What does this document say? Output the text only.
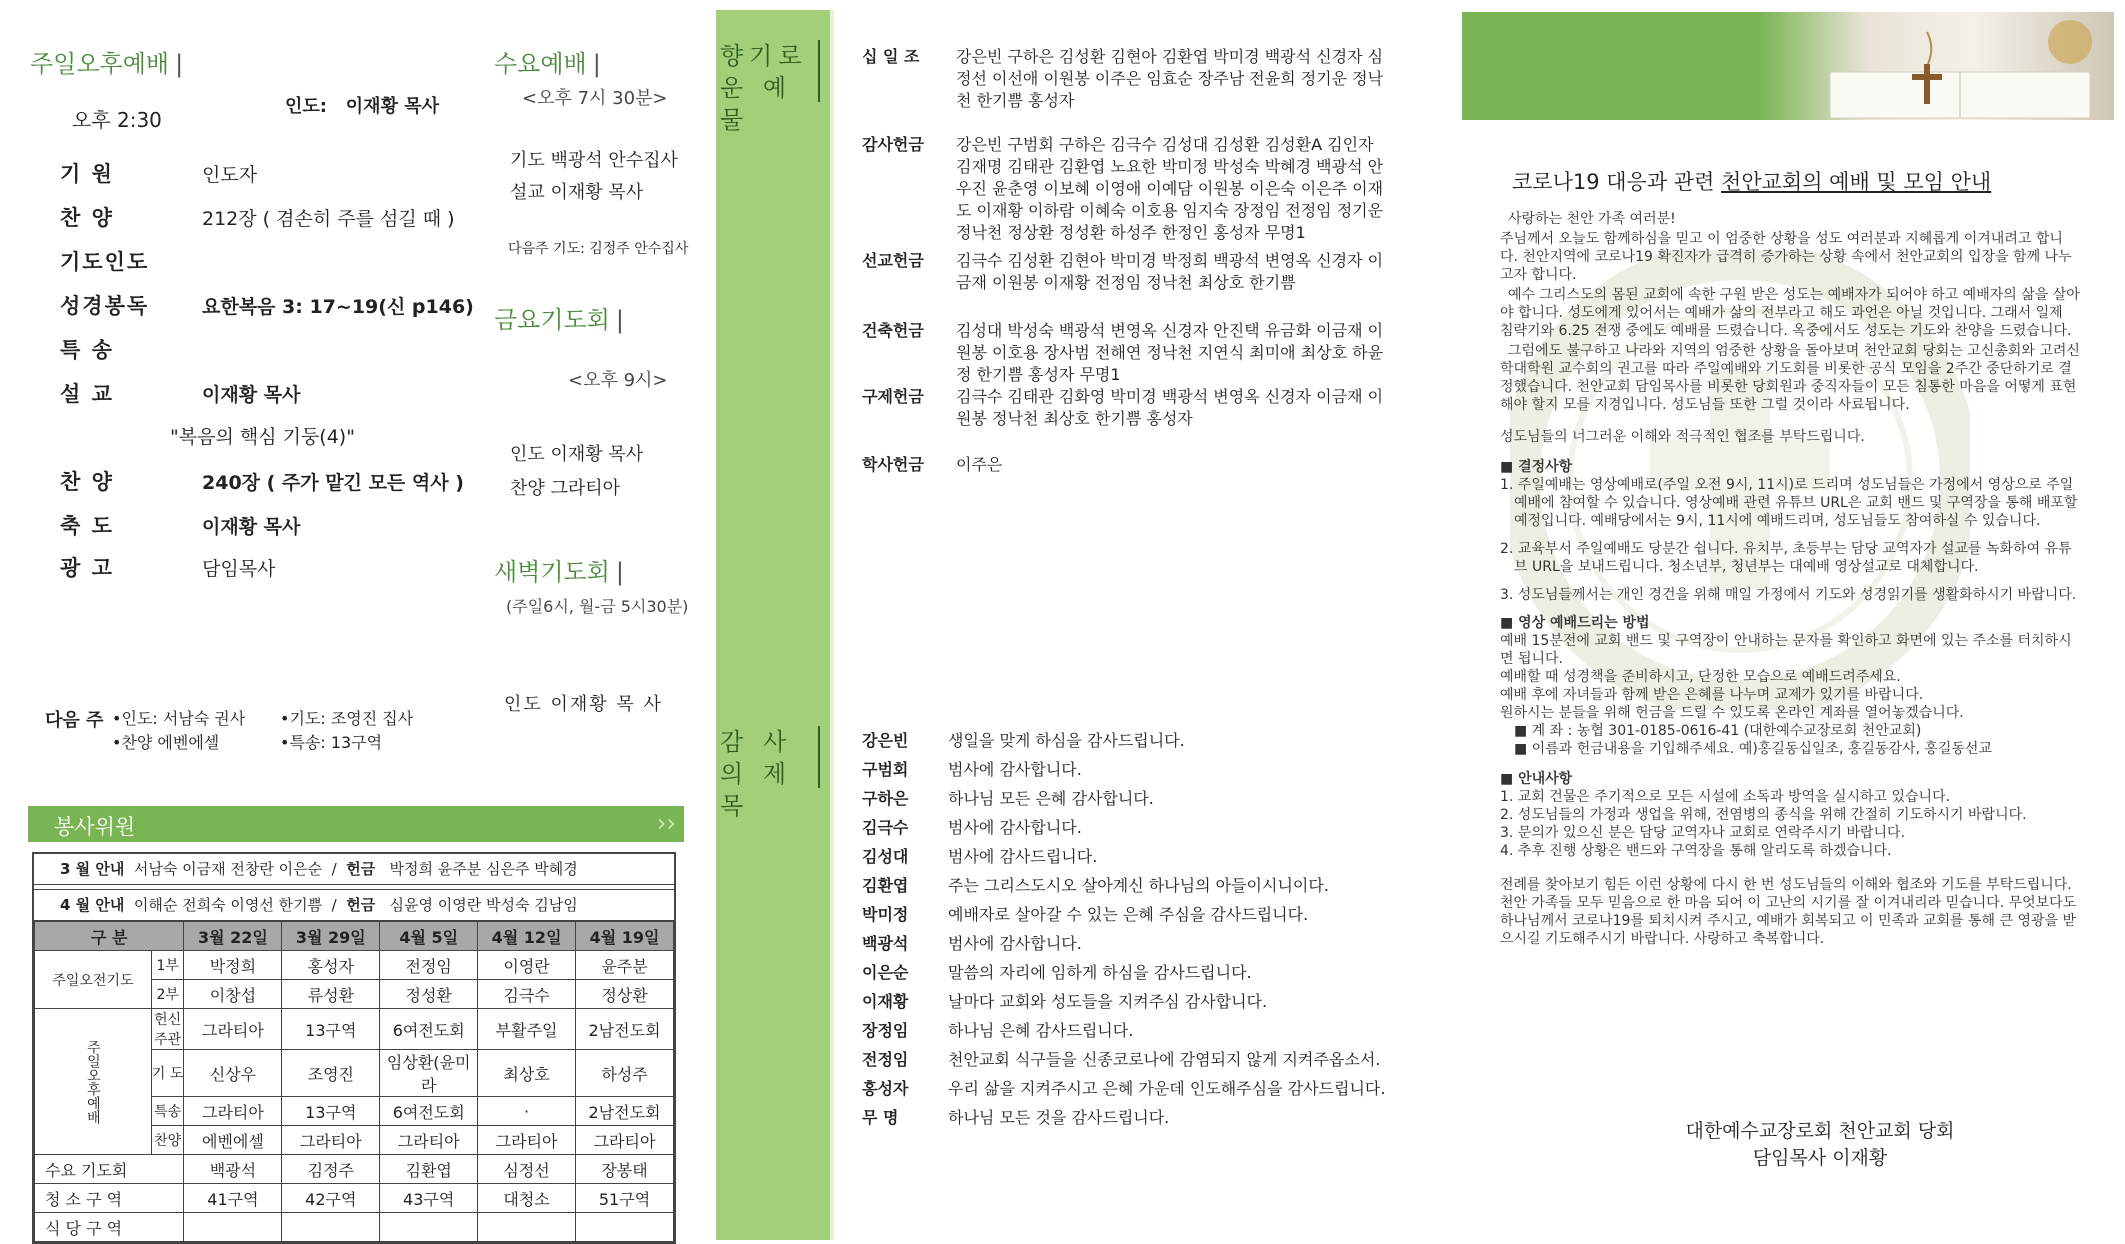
주일오후예배 |
오후 2:30
인도: 이재황 목사
기 원	인도자
찬 양	212장 ( 겸손히 주를 섬길 때 )
기도인도
성경봉독	요한복음 3: 17~19(신 p146)
특 송
설 교	이재황 목사
"복음의 핵심 기둥(4)"
찬 양	240장 ( 주가 맡긴 모든 역사 )
축 도	이재황 목사
광 고	담임목사
다음 주 •인도: 서남숙 권사 •기도: 조영진 집사
•찬양 에벤에셀	•특송: 13구역
수요예배 |
<오후 7시 30분>
기도 백광석 안수집사
설교 이재황 목사
다음주 기도: 김정주 안수집사
금요기도회 |
<오후 9시>
인도 이재황 목사
찬양 그라티아
새벽기도회 |
(주일6시, 월-금 5시30분)
인도 이재황 목 사
봉사위원	››
3 월 안내 서남숙 이금재 전창란 이은순  /  헌금 박정희 윤주분 심은주 박혜경
4 월 안내 이해순 전희숙 이영선 한기쁨  /  헌금 심윤영 이영란 박성숙 김남임
구 분		3월 22일	3월 29일	4월 5일	4월 12일	4월 19일
주일오전기도	1부	박정희	홍성자	전정임	이영란	윤주분
	2부	이창섭	류성환	정성환	김극수	정상환
주일오후예배	헌신주관	그라티아	13구역	6여전도회	부활주일	2남전도회
	기 도	신상우	조영진	임상환(윤미라	최상호	하성주
	특송	그라티아	13구역	6여전도회	·	2남전도회
	찬양	에벤에셀	그라티아	그라티아	그라티아	그라티아
수요 기도회		백광석	김정주	김환엽	심정선	장봉태
청 소 구 역		41구역	42구역	43구역	대청소	51구역
식 당 구 역						
향기로운 예 물
감 사 의 제 목
십 일 조 강은빈 구하은 김성환 김현아 김환엽 박미경 백광석 신경자 심정선 이선애 이원봉 이주은 임효순 장주남 전윤희 정기운 정낙천 한기쁨 홍성자
감사헌금 강은빈 구범회 구하은 김극수 김성대 김성환 김성환A 김인자 김재명 김태관 김환엽 노요한 박미정 박성숙 박혜경 백광석 안우진 윤춘영 이보혜 이영애 이예담 이원봉 이은숙 이은주 이재도 이재황 이하람 이혜숙 이호용 임지숙 장정임 전정임 정기운 정낙천 정상환 정성환 하성주 한정인 홍성자 무명1
선교헌금 김극수 김성환 김현아 박미경 박정희 백광석 변영옥 신경자 이금재 이원봉 이재황 전정임 정낙천 최상호 한기쁨
건축헌금 김성대 박성숙 백광석 변영옥 신경자 안진택 유금화 이금재 이원봉 이호용 장사범 전해연 정낙천 지연식 최미애 최상호 하윤정 한기쁨 홍성자 무명1
구제헌금 김극수 김태관 김화영 박미경 백광석 변영옥 신경자 이금재 이원봉 정낙천 최상호 한기쁨 홍성자
학사헌금 이주은
강은빈 생일을 맞게 하심을 감사드립니다.
구범회 범사에 감사합니다.
구하은 하나님 모든 은혜 감사합니다.
김극수 범사에 감사합니다.
김성대 범사에 감사드립니다.
김환엽 주는 그리스도시오 살아계신 하나님의 아들이시니이다.
박미정 예배자로 살아갈 수 있는 은혜 주심을 감사드립니다.
백광석 범사에 감사합니다.
이은순 말씀의 자리에 임하게 하심을 감사드립니다.
이재황 날마다 교회와 성도들을 지켜주심 감사합니다.
장정임 하나님 은혜 감사드립니다.
전정임 천안교회 식구들을 신종코로나에 감염되지 않게 지켜주옵소서.
홍성자 우리 삶을 지켜주시고 은혜 가운데 인도해주심을 감사드립니다.
무 명	하나님 모든 것을 감사드립니다.
코로나19 대응과 관련 천안교회의 예배 및 모임 안내
사랑하는 천안 가족 여러분!
주님께서 오늘도 함께하심을 믿고 이 엄중한 상황을 성도 여러분과 지혜롭게 이겨내려고 합니다. 천안지역에 코로나19 확진자가 급격히 증가하는 상황 속에서 천안교회의 입장을 함께 나누고자 합니다.
예수 그리스도의 몸된 교회에 속한 구원 받은 성도는 예배자가 되어야 하고 예배자의 삶을 살아야 합니다. 성도에게 있어서는 예배가 삶의 전부라고 해도 과언은 아닐 것입니다. 그래서 일제 침략기와 6.25 전쟁 중에도 예배를 드렸습니다. 옥중에서도 성도는 기도와 찬양을 드렸습니다.
그럼에도 불구하고 나라와 지역의 엄중한 상황을 돌아보며 천안교회 당회는 고신총회와 고려신학대학원 교수회의 권고를 따라 주일예배와 기도회를 비롯한 공식 모임을 2주간 중단하기로 결정했습니다. 천안교회 담임목사를 비롯한 당회원과 중직자들이 모든 침통한 마음을 어떻게 표현해야 할지 모를 지경입니다. 성도님들 또한 그럴 것이라 사료됩니다.
성도님들의 너그러운 이해와 적극적인 협조를 부탁드립니다.
■ 결정사항
1. 주일예배는 영상예배로(주일 오전 9시, 11시)로 드리며 성도님들은 가정에서 영상으로 주일예배에 참여할 수 있습니다. 영상예배 관련 유튜브 URL은 교회 밴드 및 구역장을 통해 배포할 예정입니다. 예배당에서는 9시, 11시에 예배드리며, 성도님들도 참여하실 수 있습니다.
2. 교육부서 주일예배도 당분간 쉽니다. 유치부, 초등부는 담당 교역자가 설교를 녹화하여 유튜브 URL을 보내드립니다. 청소년부, 청년부는 대예배 영상설교로 대체합니다.
3. 성도님들께서는 개인 경건을 위해 매일 가정에서 기도와 성경읽기를 생활화하시기 바랍니다.
■ 영상 예배드리는 방법
예배 15분전에 교회 밴드 및 구역장이 안내하는 문자를 확인하고 화면에 있는 주소를 터치하시면 됩니다.
예배할 때 성경책을 준비하시고, 단정한 모습으로 예배드려주세요.
예배 후에 자녀들과 함께 받은 은혜를 나누며 교제가 있기를 바랍니다.
원하시는 분들을 위해 헌금을 드릴 수 있도록 온라인 계좌를 열어놓겠습니다.
■ 계 좌 : 농협 301-0185-0616-41 (대한예수교장로회 천안교회)
■ 이름과 헌금내용을 기입해주세요. 예)홍길동십일조, 홍길동감사, 홍길동선교
■ 안내사항
1. 교회 건물은 주기적으로 모든 시설에 소독과 방역을 실시하고 있습니다.
2. 성도님들의 가정과 생업을 위해, 전염병의 종식을 위해 간절히 기도하시기 바랍니다.
3. 문의가 있으신 분은 담당 교역자나 교회로 연락주시기 바랍니다.
4. 추후 진행 상황은 밴드와 구역장을 통해 알리도록 하겠습니다.
전례를 찾아보기 힘든 이런 상황에 다시 한 번 성도님들의 이해와 협조와 기도를 부탁드립니다. 천안 가족들 모두 믿음으로 한 마음 되어 이 고난의 시기를 잘 이겨내리라 믿습니다. 무엇보다도 하나님께서 코로나19를 퇴치시켜 주시고, 예배가 회복되고 이 민족과 교회를 통해 큰 영광을 받으시길 기도해주시기 바랍니다. 사랑하고 축복합니다.
대한예수교장로회 천안교회 당회
담임목사 이재황
